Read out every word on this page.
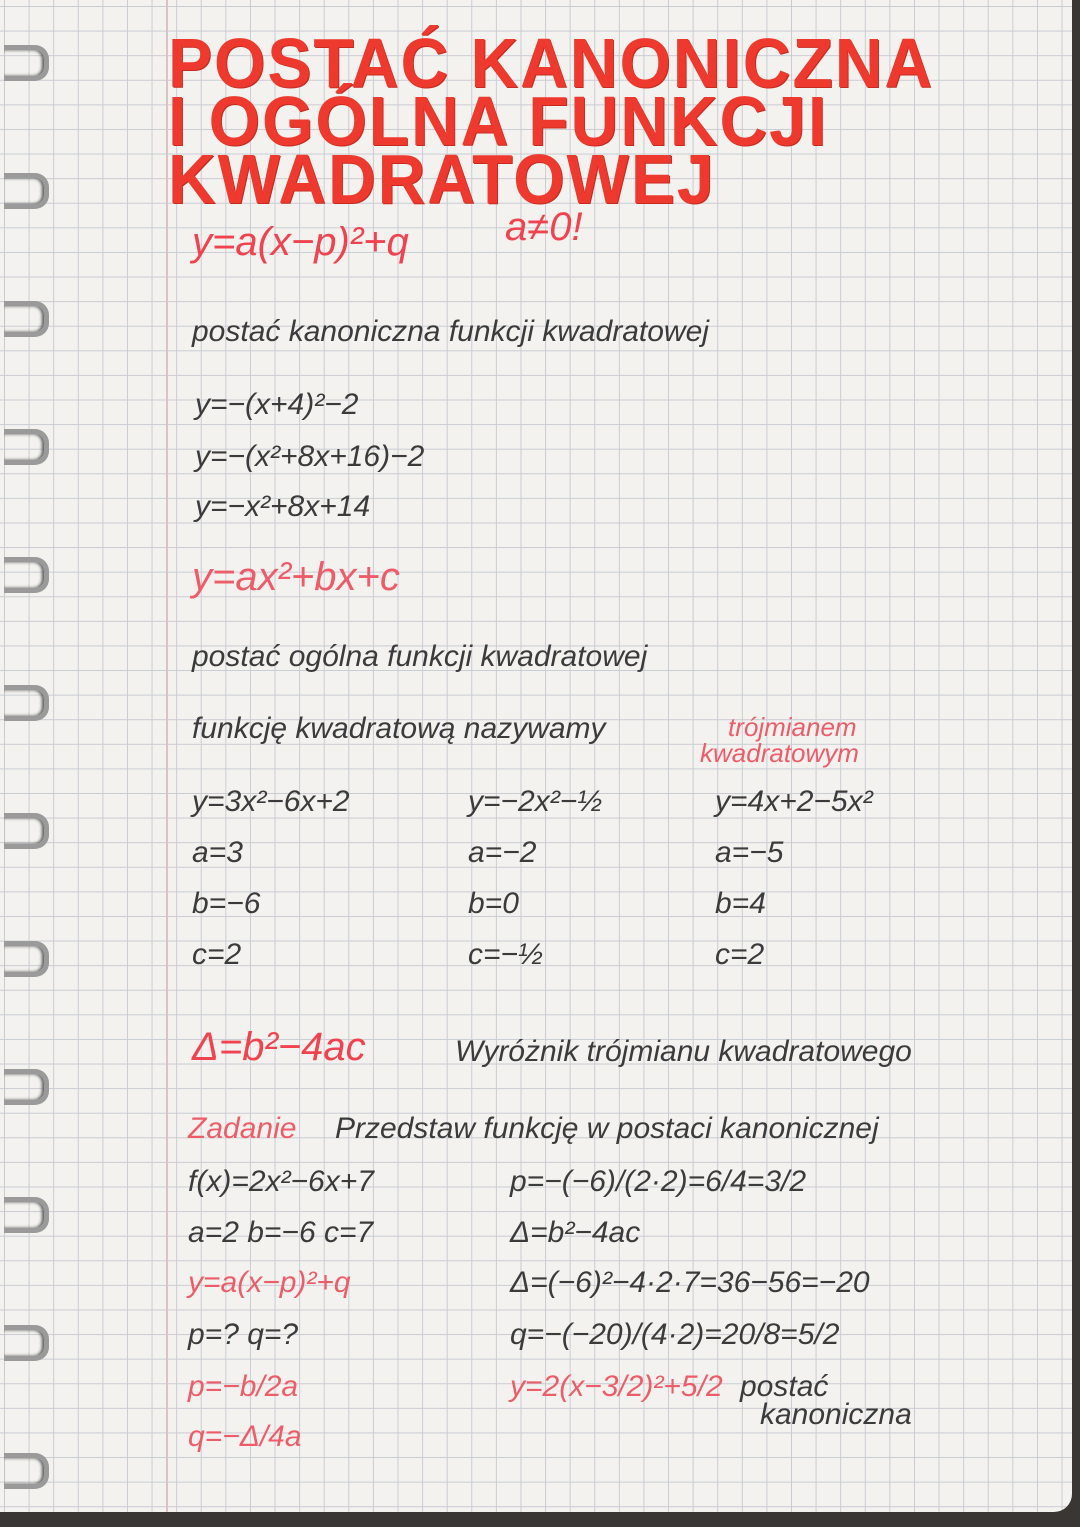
POSTAĆ KANONICZNA
I OGÓLNA FUNKCJI
KWADRATOWEJ
y=a(x−p)²+q a≠0!
postać kanoniczna funkcji kwadratowej
y=−(x+4)²−2
y=−(x²+8x+16)−2
y=−x²+8x+14
y=ax²+bx+c
postać ogólna funkcji kwadratowej
funkcję kwadratową nazywamy	trójmianem
kwadratowym
y=3x²−6x+2
a=3
b=−6
c=2
y=−2x²−½
a=−2
b=0
c=−½
y=4x+2−5x²
a=−5
b=4
c=2
Δ=b²−4ac	Wyróżnik trójmianu kwadratowego
Zadanie Przedstaw funkcję w postaci kanonicznej
f(x)=2x²−6x+7
a=2 b=−6 c=7
y=a(x−p)²+q
p=? q=?
p=−b/2a
q=−Δ/4a
p=−(−6)/(2·2)=6/4=3/2
Δ=b²−4ac
Δ=(−6)²−4·2·7=36−56=−20
q=−(−20)/(4·2)=20/8=5/2
y=2(x−3/2)²+5/2 postać
kanoniczna
